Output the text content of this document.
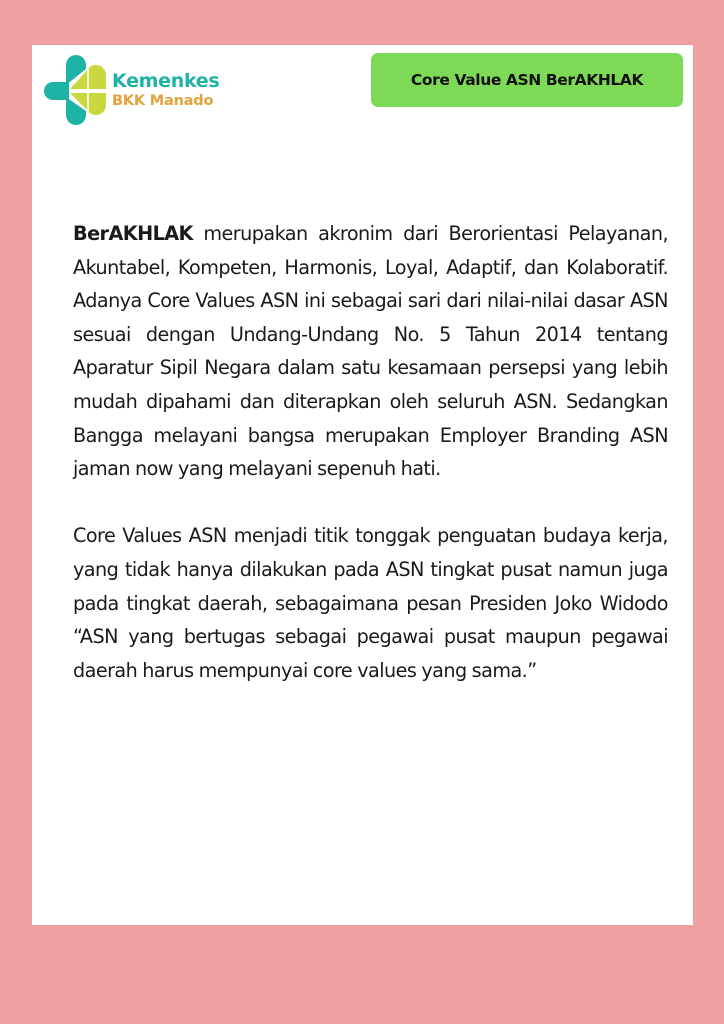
Kemenkes
BKK Manado
Core Value ASN BerAKHLAK

BerAKHLAK merupakan akronim dari Berorientasi Pelayanan, Akuntabel, Kompeten, Harmonis, Loyal, Adaptif, dan Kolaboratif. Adanya Core Values ASN ini sebagai sari dari nilai-nilai dasar ASN sesuai dengan Undang-Undang No. 5 Tahun 2014 tentang Aparatur Sipil Negara dalam satu kesamaan persepsi yang lebih mudah dipahami dan diterapkan oleh seluruh ASN. Sedangkan Bangga melayani bangsa merupakan Employer Branding ASN jaman now yang melayani sepenuh hati.

Core Values ASN menjadi titik tonggak penguatan budaya kerja, yang tidak hanya dilakukan pada ASN tingkat pusat namun juga pada tingkat daerah, sebagaimana pesan Presiden Joko Widodo “ASN yang bertugas sebagai pegawai pusat maupun pegawai daerah harus mempunyai core values yang sama.”
